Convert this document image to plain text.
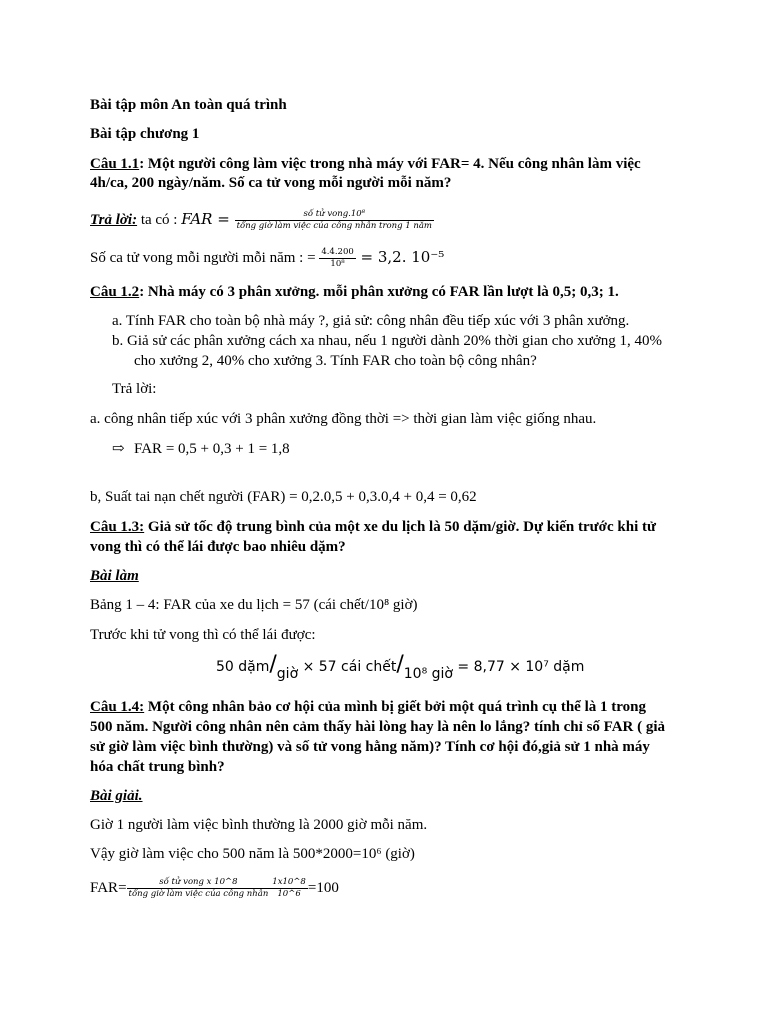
Bài tập môn An toàn quá trình
Bài tập chương 1
Câu 1.1: Một người công làm việc trong nhà máy với FAR= 4. Nếu công nhân làm việc
4h/ca, 200 ngày/năm. Số ca tử vong mỗi người mỗi năm?
Trả lời: ta có : FAR = $\frac{\text{số tử vong.10⁸}}{\text{tổng giờ làm việc của công nhân trong 1 năm}}$
Số ca tử vong mỗi người mỗi năm : = $\frac{4.4.200}{\text{10⁸}} = 3,2$. 10⁻⁵
Câu 1.2: Nhà máy có 3 phân xưởng. mỗi phân xưởng có FAR lần lượt là 0,5; 0,3; 1.
a. Tính FAR cho toàn bộ nhà máy ?, giả sử: công nhân đều tiếp xúc với 3 phân xưởng.
b. Giả sử các phân xưởng cách xa nhau, nếu 1 người dành 20% thời gian cho xưởng 1, 40%
cho xưởng 2, 40% cho xưởng 3. Tính FAR cho toàn bộ công nhân?
Trả lời:
a. công nhân tiếp xúc với 3 phân xưởng đồng thời => thời gian làm việc giống nhau.
⇨ FAR = 0,5 + 0,3 + 1 = 1,8
b, Suất tai nạn chết người (FAR) = 0,2.0,5 + 0,3.0,4 + 0,4 = 0,62
Câu 1.3: Giả sử tốc độ trung bình của một xe du lịch là 50 dặm/giờ. Dự kiến trước khi tử
vong thì có thể lái được bao nhiêu dặm?
Bài làm
Bảng 1 – 4: FAR của xe du lịch = 57 (cái chết/10⁸ giờ)
Trước khi tử vong thì có thể lái được:
50 dặm/giờ × 57 cái chết/10⁸ giờ = 8,77 × 10⁷ dặm
Câu 1.4: Một công nhân bảo cơ hội của mình bị giết bởi một quá trình cụ thể là 1 trong
500 năm. Người công nhân nên cảm thấy hài lòng hay là nên lo lắng? tính chỉ số FAR ( giả
sử giờ làm việc bình thường) và số tử vong hằng năm)? Tính cơ hội đó,giả sử 1 nhà máy
hóa chất trung bình?
Bài giải.
Giờ 1 người làm việc bình thường là 2000 giờ mỗi năm.
Vậy giờ làm việc cho 500 năm là 500*2000=10⁶ (giờ)
$FAR= \frac{\text{số tử vong x 10\textasciicircum{}8}}{\text{tổng giờ làm việc của công nhân}} \frac{1x10\^{}8}{10\^{}6} =100$
